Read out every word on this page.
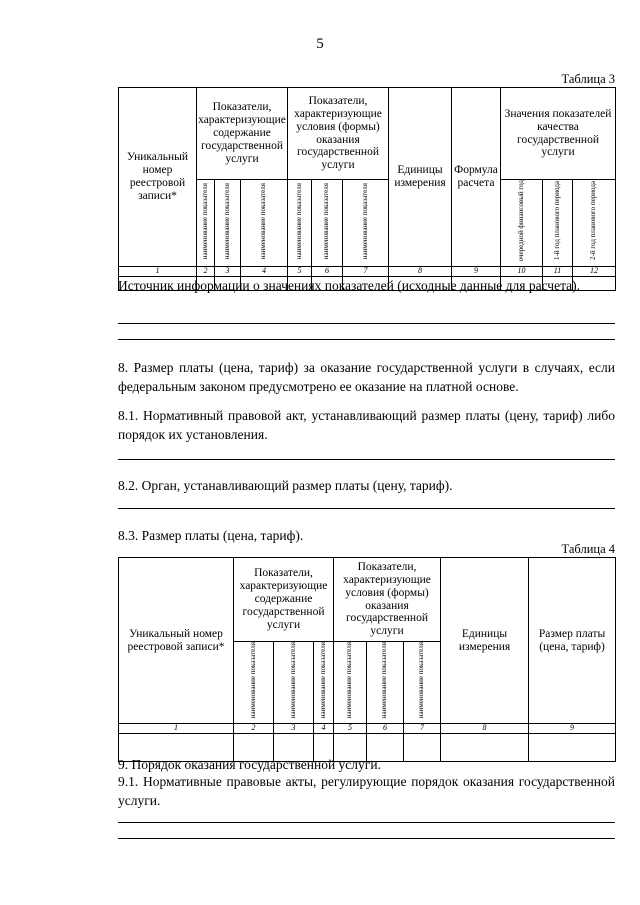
5
Таблица 3
Уникальный номер реестровой записи*	Показатели, характеризующие содержание государственной услуги			Показатели, характеризующие условия (формы) оказания государственной услуги			Единицы измерения	Формула расчета	Значения показателей качества государственной услуги		
	наименование показателя	наименование показателя	наименование показателя	наименование показателя	наименование показателя	наименование показателя			очередной финансовый год	1-й год планового периода	2-й год планового периода
1	2	3	4	5	6	7	8	9	10	11	12

Источник информации о значениях показателей (исходные данные для расчета).
8. Размер платы (цена, тариф) за оказание государственной услуги в случаях, если федеральным законом предусмотрено ее оказание на платной основе.
8.1. Нормативный правовой акт, устанавливающий размер платы (цену, тариф) либо порядок их установления.
8.2. Орган, устанавливающий размер платы (цену, тариф).
8.3. Размер платы (цена, тариф).
Таблица 4
Уникальный номер реестровой записи*	Показатели, характеризующие содержание государственной услуги			Показатели, характеризующие условия (формы) оказания государственной услуги			Единицы измерения	Размер платы (цена, тариф)
	наименование показателя	наименование показателя	наименование показателя	наименование показателя	наименование показателя	наименование показателя		
1	2	3	4	5	6	7	8	9

9. Порядок оказания государственной услуги.
9.1. Нормативные правовые акты, регулирующие порядок оказания государственной услуги.
